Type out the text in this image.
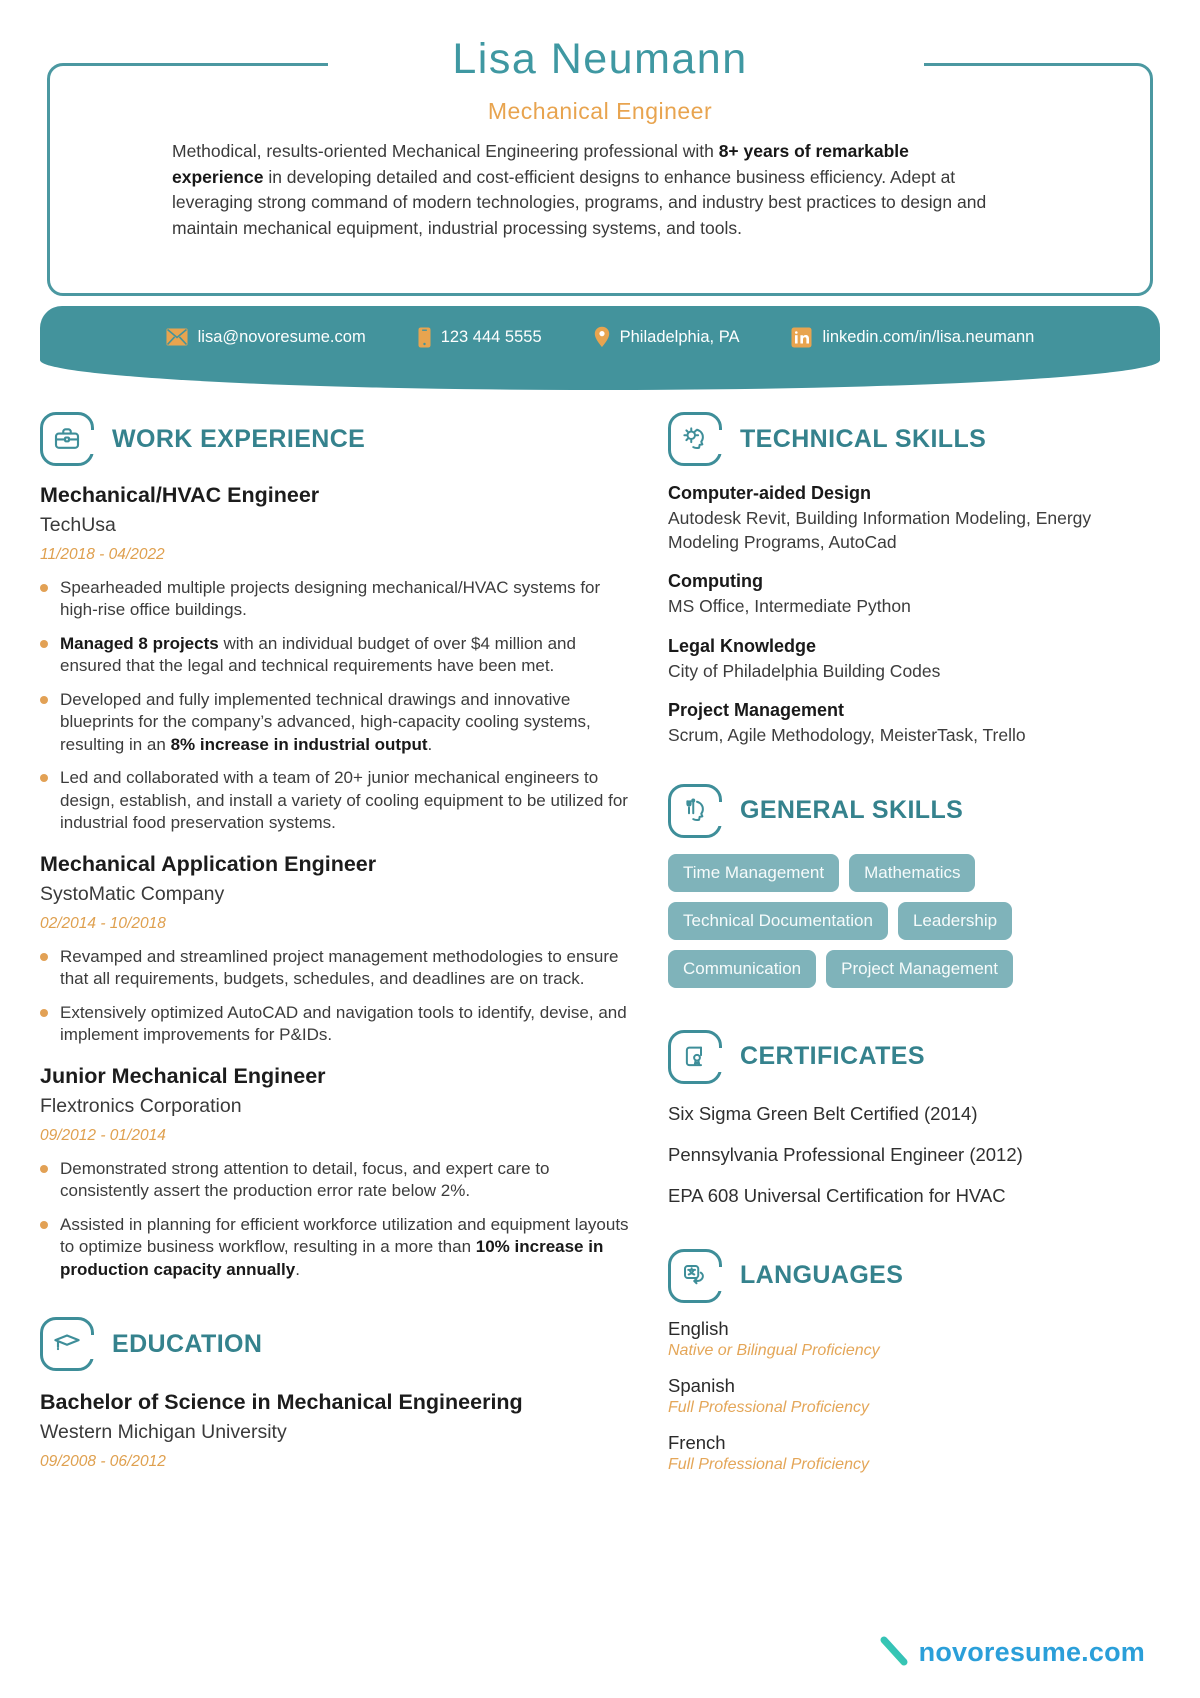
Lisa Neumann
Mechanical Engineer

Methodical, results-oriented Mechanical Engineering professional with 8+ years of remarkable experience in developing detailed and cost-efficient designs to enhance business efficiency. Adept at leveraging strong command of modern technologies, programs, and industry best practices to design and maintain mechanical equipment, industrial processing systems, and tools.

lisa@novoresume.com	123 444 5555	Philadelphia, PA	linkedin.com/in/lisa.neumann
WORK EXPERIENCE
Mechanical/HVAC Engineer
TechUsa
11/2018 - 04/2022
Spearheaded multiple projects designing mechanical/HVAC systems for high-rise office buildings.
Managed 8 projects with an individual budget of over $4 million and ensured that the legal and technical requirements have been met.
Developed and fully implemented technical drawings and innovative blueprints for the company’s advanced, high-capacity cooling systems, resulting in an 8% increase in industrial output.
Led and collaborated with a team of 20+ junior mechanical engineers to design, establish, and install a variety of cooling equipment to be utilized for industrial food preservation systems.
Mechanical Application Engineer
SystoMatic Company
02/2014 - 10/2018
Revamped and streamlined project management methodologies to ensure that all requirements, budgets, schedules, and deadlines are on track.
Extensively optimized AutoCAD and navigation tools to identify, devise, and implement improvements for P&IDs.
Junior Mechanical Engineer
Flextronics Corporation
09/2012 - 01/2014
Demonstrated strong attention to detail, focus, and expert care to consistently assert the production error rate below 2%.
Assisted in planning for efficient workforce utilization and equipment layouts to optimize business workflow, resulting in a more than 10% increase in production capacity annually.
EDUCATION
Bachelor of Science in Mechanical Engineering
Western Michigan University
09/2008 - 06/2012
TECHNICAL SKILLS
Computer-aided Design
Autodesk Revit, Building Information Modeling, Energy Modeling Programs, AutoCad
Computing
MS Office, Intermediate Python
Legal Knowledge
City of Philadelphia Building Codes
Project Management
Scrum, Agile Methodology, MeisterTask, Trello
GENERAL SKILLS
Time Management	Mathematics
Technical Documentation	Leadership
Communication	Project Management
CERTIFICATES
Six Sigma Green Belt Certified (2014)
Pennsylvania Professional Engineer (2012)
EPA 608 Universal Certification for HVAC
LANGUAGES
English
Native or Bilingual Proficiency
Spanish
Full Professional Proficiency
French
Full Professional Proficiency
novoresume.com
